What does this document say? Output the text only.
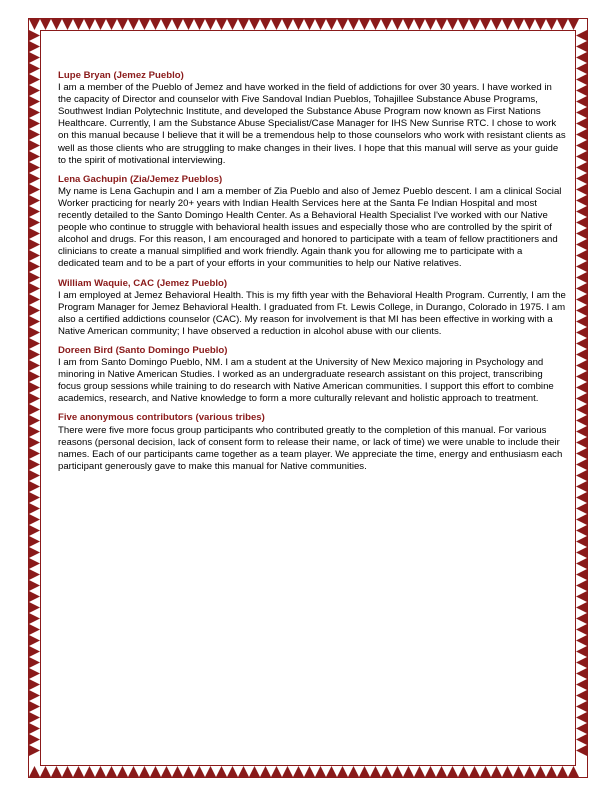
Lupe Bryan (Jemez Pueblo)

I am a member of the Pueblo of Jemez and have worked in the field of addictions for over 30 years. I have worked in the capacity of Director and counselor with Five Sandoval Indian Pueblos, Tohajillee Substance Abuse Programs, Southwest Indian Polytechnic Institute, and developed the Substance Abuse Program now known as First Nations Healthcare. Currently, I am the Substance Abuse Specialist/Case Manager for IHS New Sunrise RTC. I chose to work on this manual because I believe that it will be a tremendous help to those counselors who work with resistant clients as well as those clients who are struggling to make changes in their lives. I hope that this manual will serve as your guide to the spirit of motivational interviewing.

Lena Gachupin (Zia/Jemez Pueblos)

My name is Lena Gachupin and I am a member of Zia Pueblo and also of Jemez Pueblo descent. I am a clinical Social Worker practicing for nearly 20+ years with Indian Health Services here at the Santa Fe Indian Hospital and most recently detailed to the Santo Domingo Health Center. As a Behavioral Health Specialist I've worked with our Native people who continue to struggle with behavioral health issues and especially those who are controlled by the spirit of alcohol and drugs. For this reason, I am encouraged and honored to participate with a team of fellow practitioners and clinicians to create a manual simplified and work friendly. Again thank you for allowing me to participate with a dedicated team and to be a part of your efforts in your communities to help our Native relatives.

William Waquie, CAC (Jemez Pueblo)

I am employed at Jemez Behavioral Health. This is my fifth year with the Behavioral Health Program. Currently, I am the Program Manager for Jemez Behavioral Health. I graduated from Ft. Lewis College, in Durango, Colorado in 1975. I am also a certified addictions counselor (CAC). My reason for involvement is that MI has been effective in working with a Native American community; I have observed a reduction in alcohol abuse with our clients.

Doreen Bird (Santo Domingo Pueblo)

I am from Santo Domingo Pueblo, NM. I am a student at the University of New Mexico majoring in Psychology and minoring in Native American Studies. I worked as an undergraduate research assistant on this project, transcribing focus group sessions while training to do research with Native American communities. I support this effort to combine academics, research, and Native knowledge to form a more culturally relevant and holistic approach to treatment.

Five anonymous contributors (various tribes)

There were five more focus group participants who contributed greatly to the completion of this manual. For various reasons (personal decision, lack of consent form to release their name, or lack of time) we were unable to include their names. Each of our participants came together as a team player. We appreciate the time, energy and enthusiasm each participant generously gave to make this manual for Native communities.
